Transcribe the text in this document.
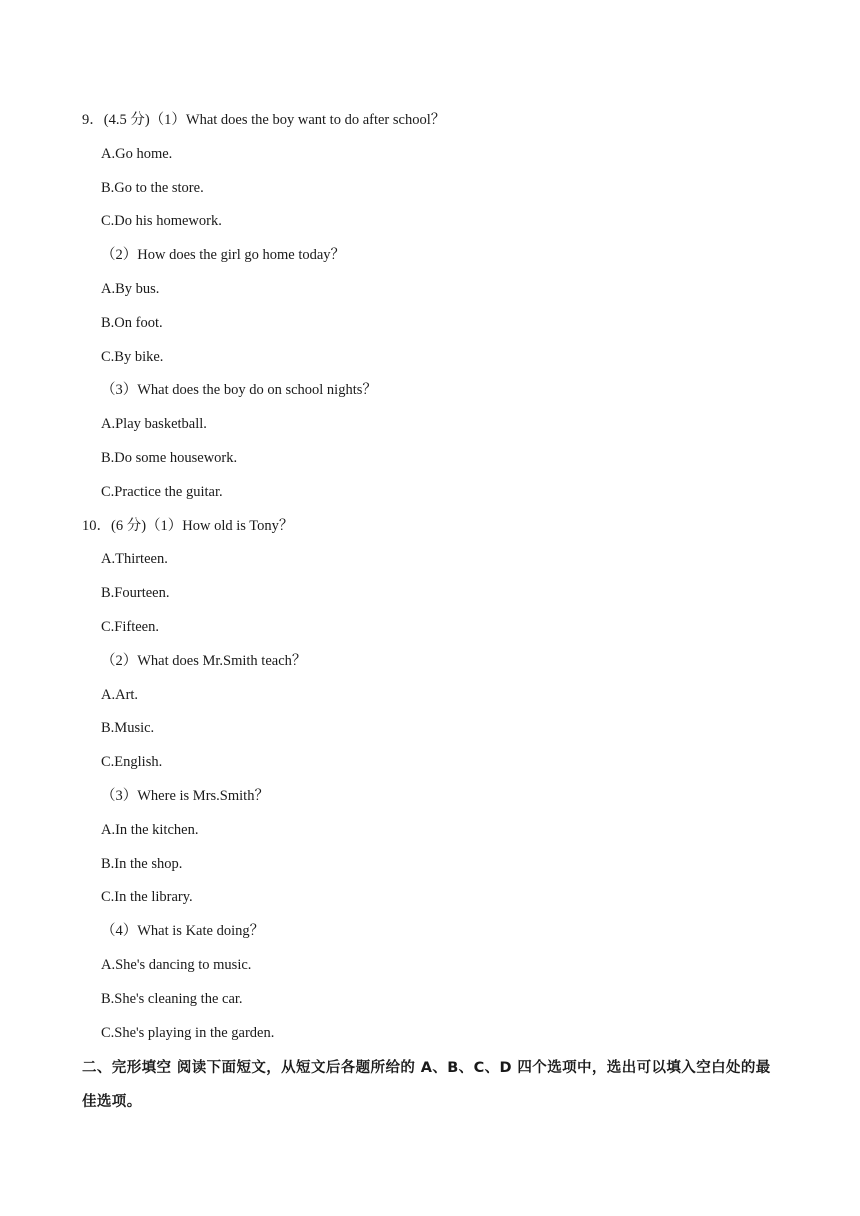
9．(4.5 分)（1）What does the boy want to do after school？
A.Go home.
B.Go to the store.
C.Do his homework.
（2）How does the girl go home today？
A.By bus.
B.On foot.
C.By bike.
（3）What does the boy do on school nights？
A.Play basketball.
B.Do some housework.
C.Practice the guitar.
10．(6 分)（1）How old is Tony？
A.Thirteen.
B.Fourteen.
C.Fifteen.
（2）What does Mr.Smith teach？
A.Art.
B.Music.
C.English.
（3）Where is Mrs.Smith？
A.In the kitchen.
B.In the shop.
C.In the library.
（4）What is Kate doing？
A.She's dancing to music.
B.She's cleaning the car.
C.She's playing in the garden.
二、完形填空 阅读下面短文，从短文后各题所给的 A、B、C、D 四个选项中，选出可以填入空白处的最佳选项。
